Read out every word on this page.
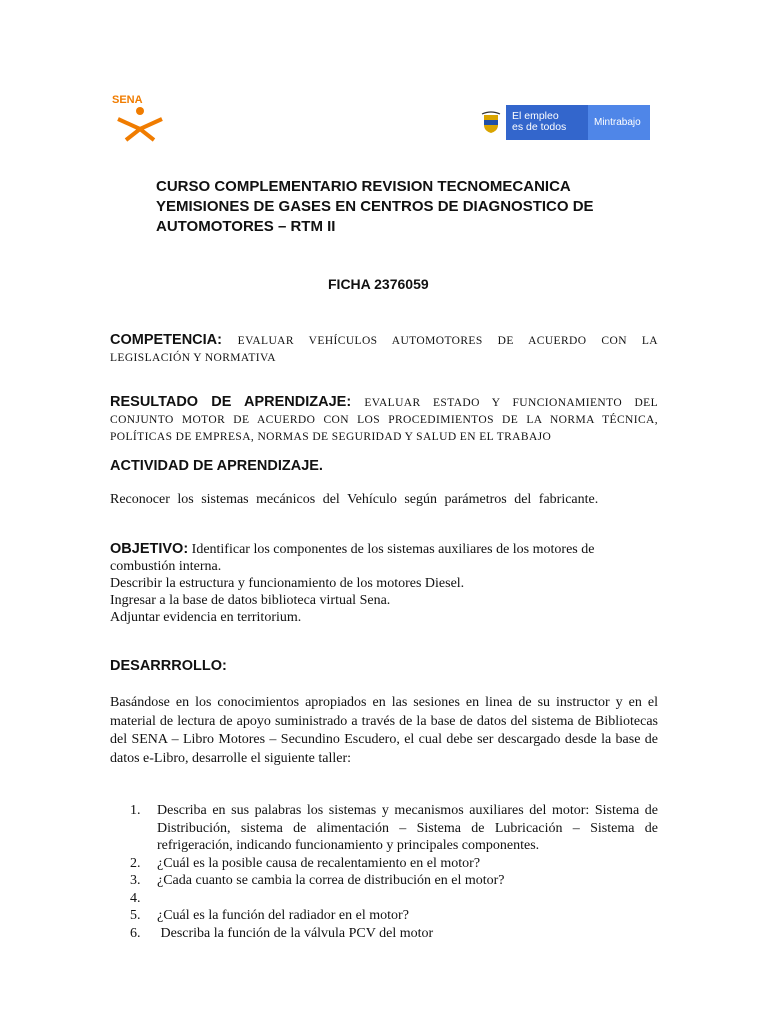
SENA
El empleo
es de todos	Mintrabajo
CURSO COMPLEMENTARIO REVISION TECNOMECANICA
YEMISIONES DE GASES EN CENTROS DE DIAGNOSTICO DE
AUTOMOTORES – RTM II
FICHA 2376059
COMPETENCIA: EVALUAR VEHÍCULOS AUTOMOTORES DE ACUERDO CON LA LEGISLACIÓN Y NORMATIVA
RESULTADO DE APRENDIZAJE: EVALUAR ESTADO Y FUNCIONAMIENTO DEL CONJUNTO MOTOR DE ACUERDO CON LOS PROCEDIMIENTOS DE LA NORMA TÉCNICA, POLÍTICAS DE EMPRESA, NORMAS DE SEGURIDAD Y SALUD EN EL TRABAJO
ACTIVIDAD DE APRENDIZAJE.
Reconocer los sistemas mecánicos del Vehículo según parámetros del fabricante.
OBJETIVO: Identificar los componentes de los sistemas auxiliares de los motores de combustión interna.
Describir la estructura y funcionamiento de los motores Diesel.
Ingresar a la base de datos biblioteca virtual Sena.
Adjuntar evidencia en territorium.
DESARRROLLO:
Basándose en los conocimientos apropiados en las sesiones en linea de su instructor y en el material de lectura de apoyo suministrado a través de la base de datos del sistema de Bibliotecas del SENA – Libro Motores – Secundino Escudero, el cual debe ser descargado desde la base de datos e-Libro, desarrolle el siguiente taller:
1.	Describa en sus palabras los sistemas y mecanismos auxiliares del motor: Sistema de Distribución, sistema de alimentación – Sistema de Lubricación – Sistema de refrigeración, indicando funcionamiento y principales componentes.
2.	¿Cuál es la posible causa de recalentamiento en el motor?
3.	¿Cada cuanto se cambia la correa de distribución en el motor?
4.
5.	¿Cuál es la función del radiador en el motor?
6.	Describa la función de la válvula PCV del motor
